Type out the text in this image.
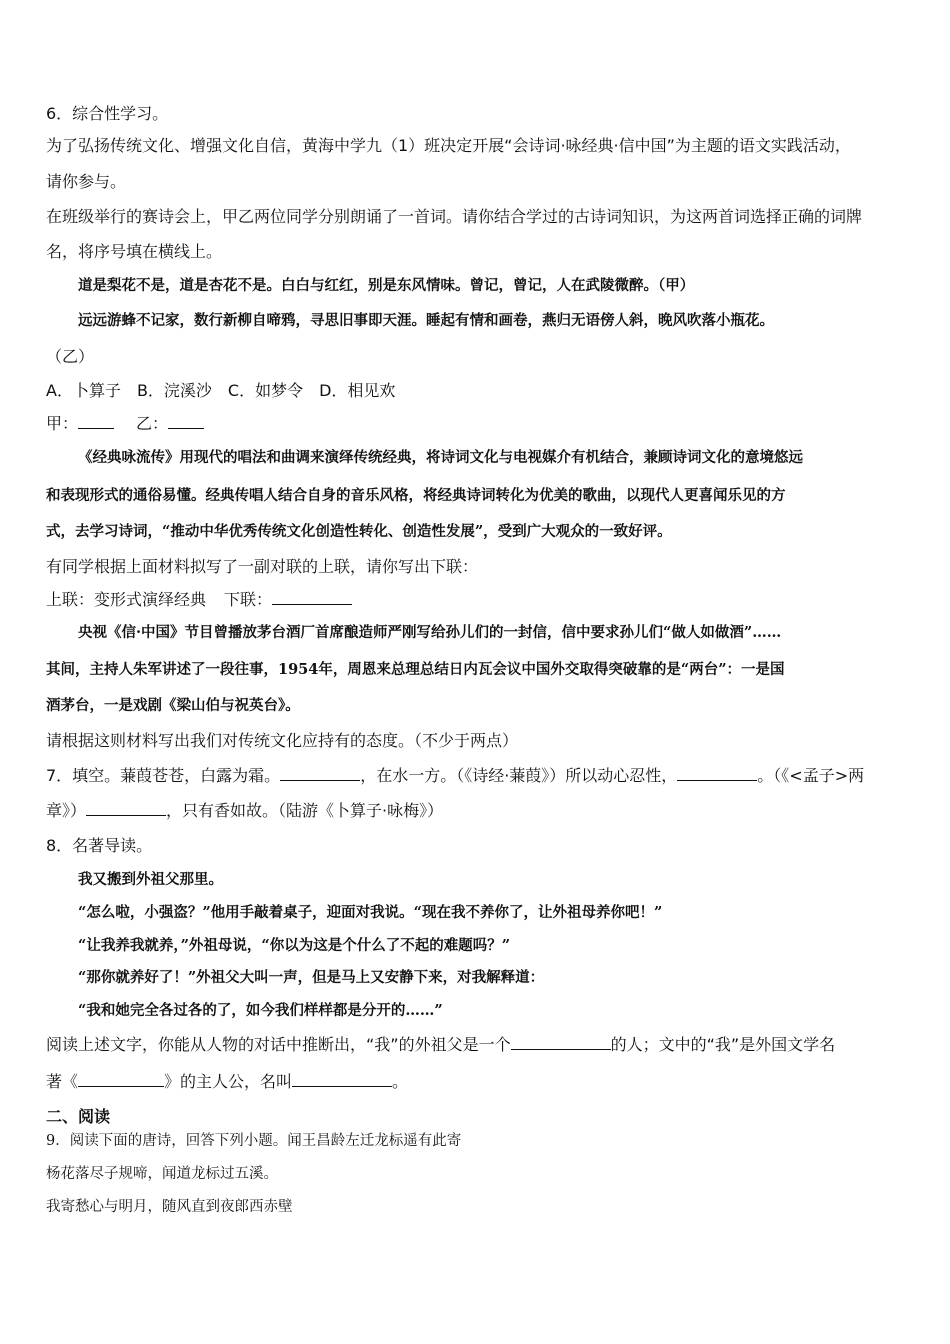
6．综合性学习。
为了弘扬传统文化、增强文化自信，黄海中学九（1）班决定开展“会诗词·咏经典·信中国”为主题的语文实践活动，
请你参与。
在班级举行的赛诗会上，甲乙两位同学分别朗诵了一首词。请你结合学过的古诗词知识，为这两首词选择正确的词牌
名，将序号填在横线上。
道是梨花不是，道是杏花不是。白白与红红，别是东风情味。曾记，曾记，人在武陵微醉。（甲）
远远游蜂不记家，数行新柳自啼鸦，寻思旧事即天涯。睡起有情和画卷，燕归无语傍人斜，晚风吹落小瓶花。
（乙）
A．卜算子　B．浣溪沙　C．如梦令　D．相见欢
甲：	乙：
《经典咏流传》用现代的唱法和曲调来演绎传统经典，将诗词文化与电视媒介有机结合，兼顾诗词文化的意境悠远
和表现形式的通俗易懂。经典传唱人结合自身的音乐风格，将经典诗词转化为优美的歌曲，以现代人更喜闻乐见的方
式，去学习诗词，“推动中华优秀传统文化创造性转化、创造性发展”，受到广大观众的一致好评。
有同学根据上面材料拟写了一副对联的上联，请你写出下联：
上联：变形式演绎经典 下联：
央视《信·中国》节目曾播放茅台酒厂首席酿造师严刚写给孙儿们的一封信，信中要求孙儿们“做人如做酒”……
其间，主持人朱军讲述了一段往事，1954年，周恩来总理总结日内瓦会议中国外交取得突破靠的是“两台”：一是国
酒茅台，一是戏剧《梁山伯与祝英台》。
请根据这则材料写出我们对传统文化应持有的态度。（不少于两点）
7．填空。蒹葭苍苍，白露为霜。	，在水一方。（《诗经·蒹葭》）所以动心忍性，	。（《<孟子>两
章》）	，只有香如故。（陆游《卜算子·咏梅》）
8．名著导读。
我又搬到外祖父那里。
“怎么啦，小强盗？”他用手敲着桌子，迎面对我说。“现在我不养你了，让外祖母养你吧！”
“让我养我就养，”外祖母说，“你以为这是个什么了不起的难题吗？”
“那你就养好了！”外祖父大叫一声，但是马上又安静下来，对我解释道：
“我和她完全各过各的了，如今我们样样都是分开的……”
阅读上述文字，你能从人物的对话中推断出，“我”的外祖父是一个	的人；文中的“我”是外国文学名
著《	》的主人公，名叫	。
二、阅读
9．阅读下面的唐诗，回答下列小题。闻王昌龄左迁龙标遥有此寄
杨花落尽子规啼，闻道龙标过五溪。
我寄愁心与明月，随风直到夜郎西赤壁
